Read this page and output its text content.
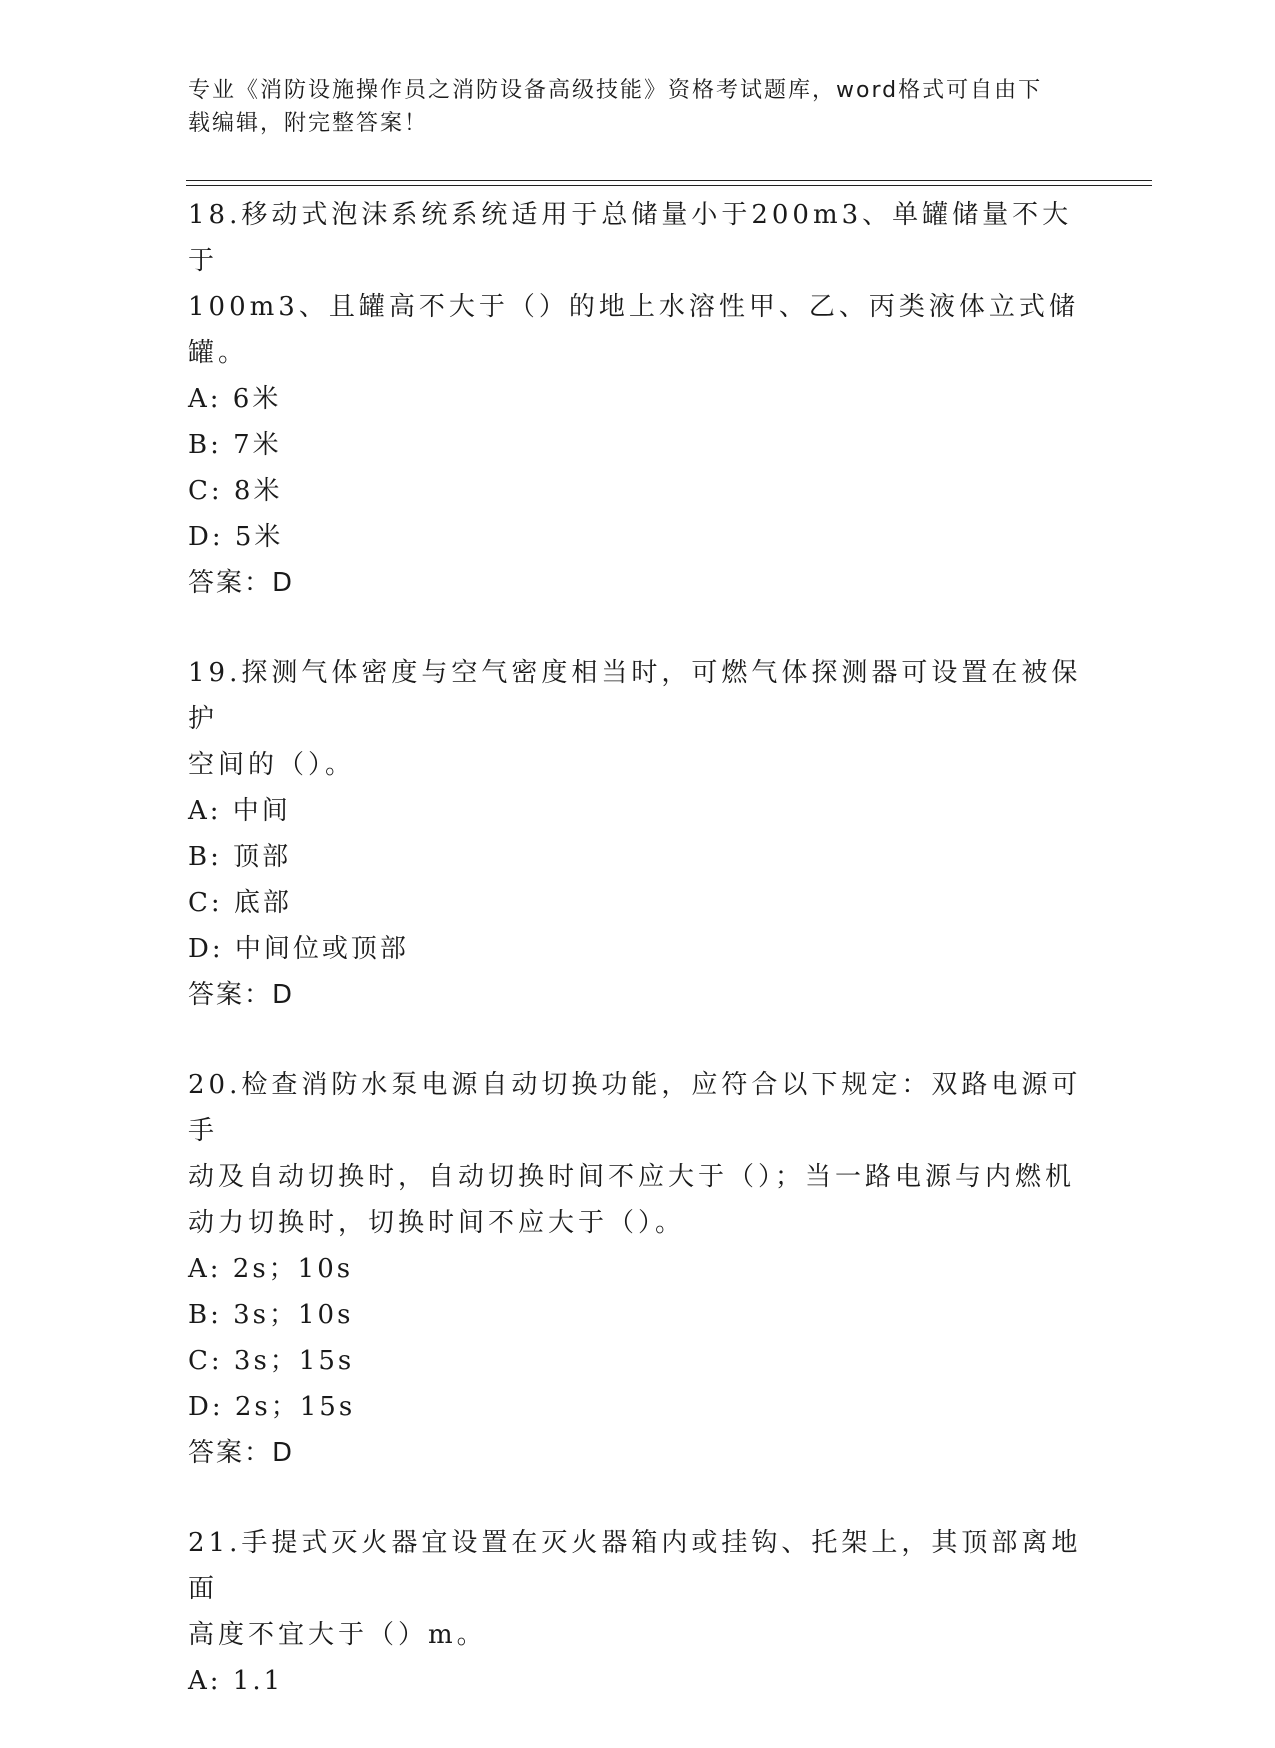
专业《消防设施操作员之消防设备高级技能》资格考试题库，word格式可自由下
载编辑，附完整答案！
18.移动式泡沫系统系统适用于总储量小于200m3、单罐储量不大于
100m3、且罐高不大于（）的地上水溶性甲、乙、丙类液体立式储罐。
A: 6米
B: 7米
C: 8米
D: 5米
答案：D
19.探测气体密度与空气密度相当时，可燃气体探测器可设置在被保护
空间的（）。
A: 中间
B: 顶部
C: 底部
D: 中间位或顶部
答案：D
20.检查消防水泵电源自动切换功能，应符合以下规定：双路电源可手
动及自动切换时，自动切换时间不应大于（）；当一路电源与内燃机
动力切换时，切换时间不应大于（）。
A: 2s；10s
B: 3s；10s
C: 3s；15s
D: 2s；15s
答案：D
21.手提式灭火器宜设置在灭火器箱内或挂钩、托架上，其顶部离地面
高度不宜大于（）m。
A: 1.1
